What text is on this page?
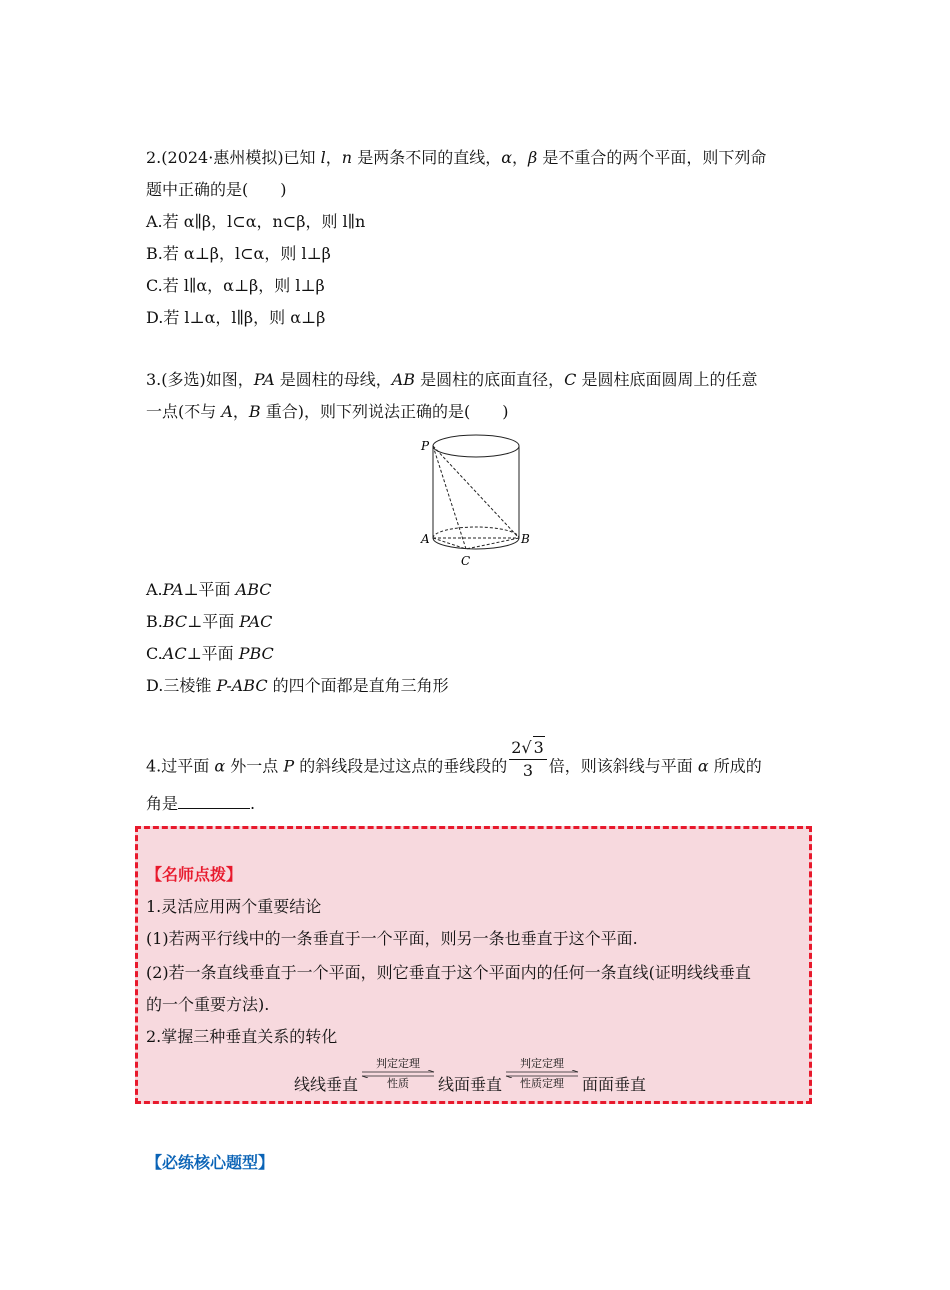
2.(2024·惠州模拟)已知 l，n 是两条不同的直线，α，β 是不重合的两个平面，则下列命
题中正确的是(　　)
A.若 α∥β，l⊂α，n⊂β，则 l∥n
B.若 α⊥β，l⊂α，则 l⊥β
C.若 l∥α，α⊥β，则 l⊥β
D.若 l⊥α，l∥β，则 α⊥β
3.(多选)如图，PA 是圆柱的母线，AB 是圆柱的底面直径，C 是圆柱底面圆周上的任意
一点(不与 A，B 重合)，则下列说法正确的是(　　)
P
A	B
C
A.PA⊥平面 ABC
B.BC⊥平面 PAC
C.AC⊥平面 PBC
D.三棱锥 P-ABC 的四个面都是直角三角形
4.过平面 α 外一点 P 的斜线段是过这点的垂线段的 $\frac{2√ 3}{3}$ 倍，则该斜线与平面 α 所成的
角是	.
【名师点拨】
1.灵活应用两个重要结论
(1)若两平行线中的一条垂直于一个平面，则另一条也垂直于这个平面.
(2)若一条直线垂直于一个平面，则它垂直于这个平面内的任何一条直线(证明线线垂直
的一个重要方法).
2.掌握三种垂直关系的转化
线线垂直
判定定理
性质	线面垂直
判定定理
性质定理	面面垂直
【必练核心题型】
